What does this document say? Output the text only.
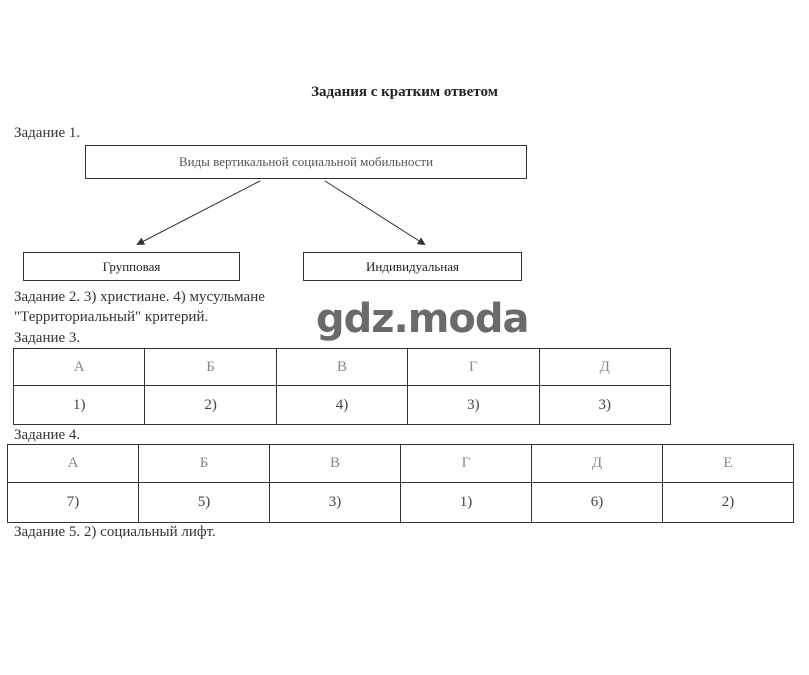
Задания с кратким ответом
Задание 1.
Виды вертикальной социальной мобильности
Групповая	Индивидуальная
Задание 2. 3) христиане. 4) мусульмане
"Территориальный" критерий.
Задание 3.
А	Б	В	Г	Д
1)	2)	4)	3)	3)
Задание 4.
А	Б	В	Г	Д	Е
7)	5)	3)	1)	6)	2)
Задание 5. 2) социальный лифт.
gdz.moda
